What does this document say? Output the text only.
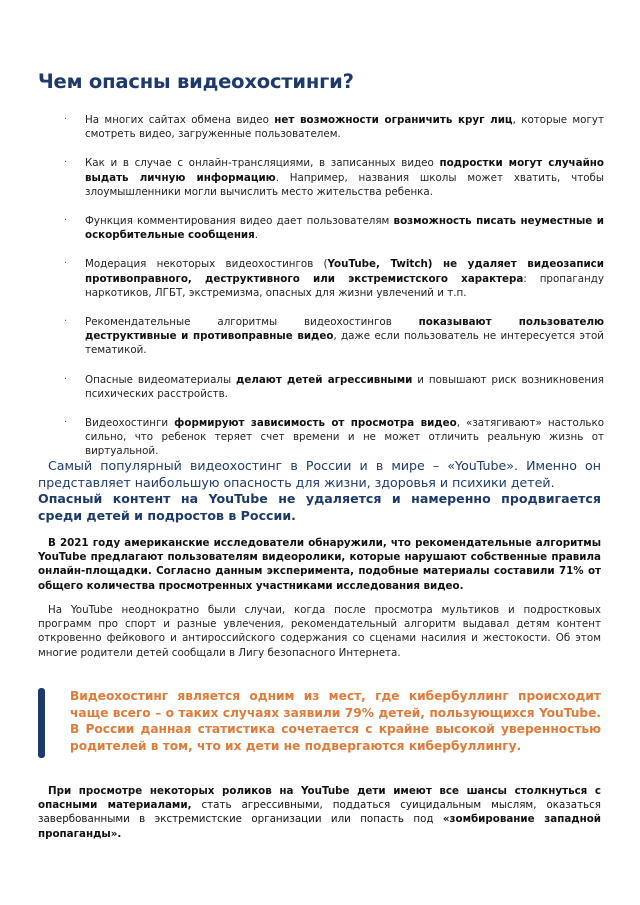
Чем опасны видеохостинги?
· На многих сайтах обмена видео нет возможности ограничить круг лиц, которые могут смотреть видео, загруженные пользователем.
· Как и в случае с онлайн-трансляциями, в записанных видео подростки могут случайно выдать личную информацию. Например, названия школы может хватить, чтобы злоумышленники могли вычислить место жительства ребенка.
· Функция комментирования видео дает пользователям возможность писать неуместные и оскорбительные сообщения.
· Модерация некоторых видеохостингов (YouTube, Twitch) не удаляет видеозаписи противоправного, деструктивного или экстремистского характера: пропаганду наркотиков, ЛГБТ, экстремизма, опасных для жизни увлечений и т.п.
· Рекомендательные алгоритмы видеохостингов показывают пользователю деструктивные и противоправные видео, даже если пользователь не интересуется этой тематикой.
· Опасные видеоматериалы делают детей агрессивными и повышают риск возникновения психических расстройств.
· Видеохостинги формируют зависимость от просмотра видео, «затягивают» настолько сильно, что ребенок теряет счет времени и не может отличить реальную жизнь от виртуальной.
Самый популярный видеохостинг в России и в мире – «YouTube». Именно он представляет наибольшую опасность для жизни, здоровья и психики детей.
Опасный контент на YouTube не удаляется и намеренно продвигается среди детей и подростов в России.
В 2021 году американские исследователи обнаружили, что рекомендательные алгоритмы YouTube предлагают пользователям видеоролики, которые нарушают собственные правила онлайн-площадки. Согласно данным эксперимента, подобные материалы составили 71% от общего количества просмотренных участниками исследования видео.
На YouTube неоднократно были случаи, когда после просмотра мультиков и подростковых программ про спорт и разные увлечения, рекомендательный алгоритм выдавал детям контент откровенно фейкового и антироссийского содержания со сценами насилия и жестокости. Об этом многие родители детей сообщали в Лигу безопасного Интернета.
Видеохостинг является одним из мест, где кибербуллинг происходит чаще всего – о таких случаях заявили 79% детей, пользующихся YouTube. В России данная статистика сочетается с крайне высокой уверенностью родителей в том, что их дети не подвергаются кибербуллингу.
При просмотре некоторых роликов на YouTube дети имеют все шансы столкнуться с опасными материалами, стать агрессивными, поддаться суицидальным мыслям, оказаться завербованными в экстремистские организации или попасть под «зомбирование западной пропаганды».
